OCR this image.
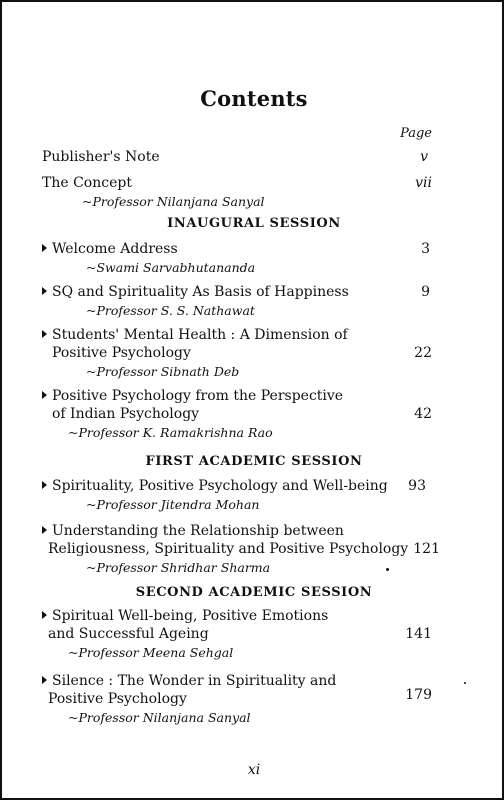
Contents
Page
Publisher's Note	v
The Concept
~Professor Nilanjana Sanyal
vii
INAUGURAL SESSION
Welcome Address
~Swami Sarvabhutananda
3
SQ and Spirituality As Basis of Happiness
~Professor S. S. Nathawat
9
Students' Mental Health : A Dimension of
Positive Psychology
~Professor Sibnath Deb
22
Positive Psychology from the Perspective
of Indian Psychology
~Professor K. Ramakrishna Rao
42
FIRST ACADEMIC SESSION
Spirituality, Positive Psychology and Well-being
~Professor Jitendra Mohan
93
Understanding the Relationship between
Religiousness, Spirituality and Positive Psychology
~Professor Shridhar Sharma
121
SECOND ACADEMIC SESSION
Spiritual Well-being, Positive Emotions
and Successful Ageing
~Professor Meena Sehgal
141
Silence : The Wonder in Spirituality and
Positive Psychology
~Professor Nilanjana Sanyal
179
xi
